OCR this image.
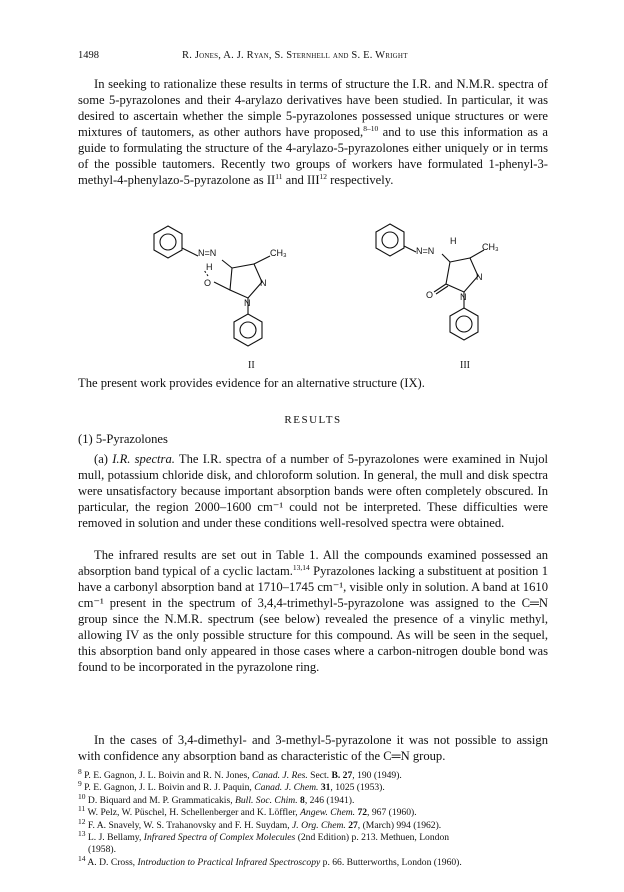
1498	R. Jones, A. J. Ryan, S. Sternhell and S. E. Wright
In seeking to rationalize these results in terms of structure the I.R. and N.M.R. spectra of some 5-pyrazolones and their 4-arylazo derivatives have been studied. In particular, it was desired to ascertain whether the simple 5-pyrazolones possessed unique structures or were mixtures of tautomers, as other authors have proposed,$^{8-10}$ and to use this information as a guide to formulating the structure of the 4-arylazo-5-pyrazolones either uniquely or in terms of the possible tautomers. Recently two groups of workers have formulated 1-phenyl-3-methyl-4-phenylazo-5-pyrazolone as II$^{11}$ and III$^{12}$ respectively.
N=N	CH₃
H
O	N
N
II
N=N
H
CH₃
O
N
N
III
The present work provides evidence for an alternative structure (IX).
RESULTS
(1) 5-Pyrazolones
(a) I.R. spectra. The I.R. spectra of a number of 5-pyrazolones were examined in Nujol mull, potassium chloride disk, and chloroform solution. In general, the mull and disk spectra were unsatisfactory because important absorption bands were often completely obscured. In particular, the region 2000–1600 cm⁻¹ could not be interpreted. These difficulties were removed in solution and under these conditions well-resolved spectra were obtained.
The infrared results are set out in Table 1. All the compounds examined possessed an absorption band typical of a cyclic lactam.$^{13,14}$ Pyrazolones lacking a substituent at position 1 have a carbonyl absorption band at 1710–1745 cm⁻¹, visible only in solution. A band at 1610 cm⁻¹ present in the spectrum of 3,4,4-trimethyl-5-pyrazolone was assigned to the C═N group since the N.M.R. spectrum (see below) revealed the presence of a vinylic methyl, allowing IV as the only possible structure for this compound. As will be seen in the sequel, this absorption band only appeared in those cases where a carbon-nitrogen double bond was found to be incorporated in the pyrazolone ring.
In the cases of 3,4-dimethyl- and 3-methyl-5-pyrazolone it was not possible to assign with confidence any absorption band as characteristic of the C═N group.
$^8$ P. E. Gagnon, J. L. Boivin and R. N. Jones, Canad. J. Res. Sect. B. 27, 190 (1949).
$^9$ P. E. Gagnon, J. L. Boivin and R. J. Paquin, Canad. J. Chem. 31, 1025 (1953).
$^{10}$ D. Biquard and M. P. Grammaticakis, Bull. Soc. Chim. 8, 246 (1941).
$^{11}$ W. Pelz, W. Püschel, H. Schellenberger and K. Löffler, Angew. Chem. 72, 967 (1960).
$^{12}$ F. A. Snavely, W. S. Trahanovsky and F. H. Suydam, J. Org. Chem. 27, (March) 994 (1962).
$^{13}$ L. J. Bellamy, Infrared Spectra of Complex Molecules (2nd Edition) p. 213. Methuen, London
(1958).
$^{14}$ A. D. Cross, Introduction to Practical Infrared Spectroscopy p. 66. Butterworths, London (1960).
